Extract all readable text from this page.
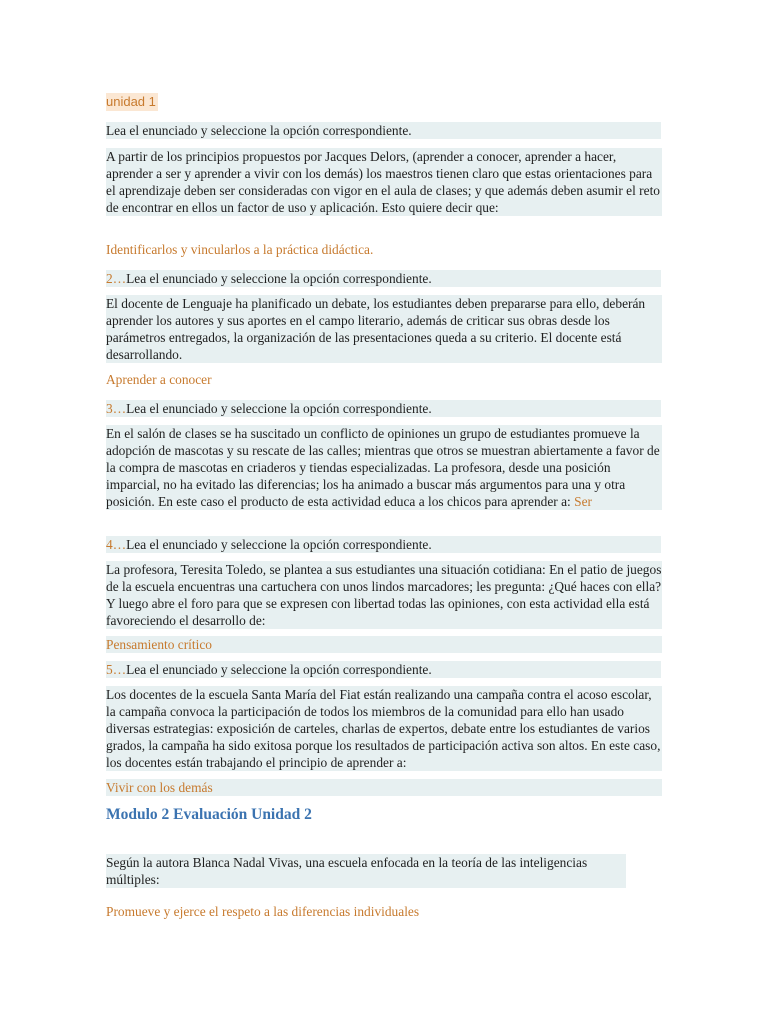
unidad 1
Lea el enunciado y seleccione la opción correspondiente.
A partir de los principios propuestos por Jacques Delors, (aprender a conocer, aprender a hacer, aprender a ser y aprender a vivir con los demás) los maestros tienen claro que estas orientaciones para el aprendizaje deben ser consideradas con vigor en el aula de clases; y que además deben asumir el reto de encontrar en ellos un factor de uso y aplicación. Esto quiere decir que:
Identificarlos y vincularlos a la práctica didáctica.
2…Lea el enunciado y seleccione la opción correspondiente.
El docente de Lenguaje ha planificado un debate, los estudiantes deben prepararse para ello, deberán aprender los autores y sus aportes en el campo literario, además de criticar sus obras desde los parámetros entregados, la organización de las presentaciones queda a su criterio. El docente está desarrollando.
Aprender a conocer
3…Lea el enunciado y seleccione la opción correspondiente.
En el salón de clases se ha suscitado un conflicto de opiniones un grupo de estudiantes promueve la adopción de mascotas y su rescate de las calles; mientras que otros se muestran abiertamente a favor de la compra de mascotas en criaderos y tiendas especializadas. La profesora, desde una posición imparcial, no ha evitado las diferencias; los ha animado a buscar más argumentos para una y otra posición. En este caso el producto de esta actividad educa a los chicos para aprender a: Ser
4…Lea el enunciado y seleccione la opción correspondiente.
La profesora, Teresita Toledo, se plantea a sus estudiantes una situación cotidiana: En el patio de juegos de la escuela encuentras una cartuchera con unos lindos marcadores; les pregunta: ¿Qué haces con ella? Y luego abre el foro para que se expresen con libertad todas las opiniones, con esta actividad ella está favoreciendo el desarrollo de:
Pensamiento crítico
5…Lea el enunciado y seleccione la opción correspondiente.
Los docentes de la escuela Santa María del Fiat están realizando una campaña contra el acoso escolar, la campaña convoca la participación de todos los miembros de la comunidad para ello han usado diversas estrategias: exposición de carteles, charlas de expertos, debate entre los estudiantes de varios grados, la campaña ha sido exitosa porque los resultados de participación activa son altos. En este caso, los docentes están trabajando el principio de aprender a:
Vivir con los demás
Modulo 2 Evaluación Unidad 2
Según la autora Blanca Nadal Vivas, una escuela enfocada en la teoría de las inteligencias múltiples:
Promueve y ejerce el respeto a las diferencias individuales
